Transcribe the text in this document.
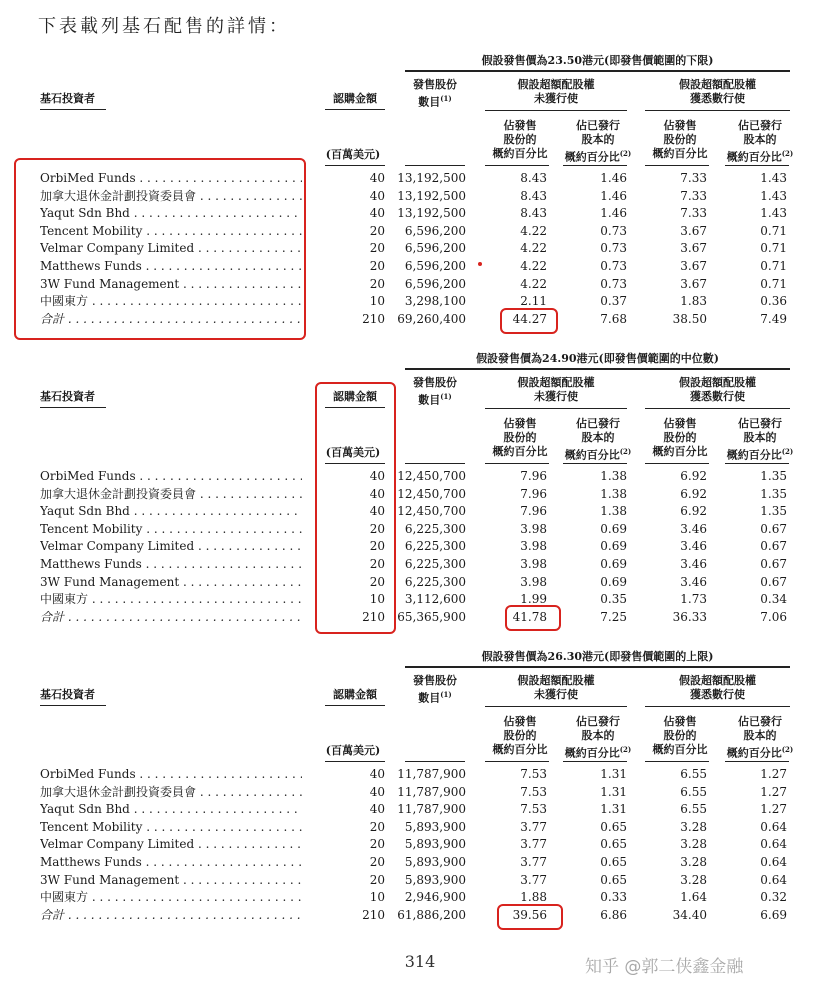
下表載列基石配售的詳情：
假設發售價為23.50港元(即發售價範圍的下限)
基石投資者	認購金額
(百萬美元)
發售股份
數目$^{(1)}$
假設超額配股權
未獲行使
假設超額配股權
獲悉數行使
佔發售
股份的
概約百分比
佔已發行
股本的
概約百分比$^{(2)}$
佔發售
股份的
概約百分比
佔已發行
股本的
概約百分比$^{(2)}$
OrbiMed Funds . . .	40 13,192,500	8.43	1.46	7.33	1.43
加拿大退休金計劃投資委員會 . . .	40 13,192,500	8.43	1.46	7.33	1.43
Yaqut Sdn Bhd . . .	40 13,192,500	8.43	1.46	7.33	1.43
Tencent Mobility . . .	20	6,596,200	4.22	0.73	3.67	0.71
Velmar Company Limited . . .	20	6,596,200	4.22	0.73	3.67	0.71
Matthews Funds . . .	20	6,596,200	4.22	0.73	3.67	0.71
3W Fund Management . . .	20	6,596,200	4.22	0.73	3.67	0.71
中國東方 . . .	10	3,298,100	2.11	0.37	1.83	0.36
合計 . . .	210 69,260,400	44.27	7.68	38.50	7.49
假設發售價為24.90港元(即發售價範圍的中位數)
基石投資者	認購金額
(百萬美元)
發售股份
數目$^{(1)}$
假設超額配股權
未獲行使
假設超額配股權
獲悉數行使
佔發售
股份的
概約百分比
佔已發行
股本的
概約百分比$^{(2)}$
佔發售
股份的
概約百分比
佔已發行
股本的
概約百分比$^{(2)}$
OrbiMed Funds . . .	40 12,450,700	7.96	1.38	6.92	1.35
加拿大退休金計劃投資委員會 . . .	40 12,450,700	7.96	1.38	6.92	1.35
Yaqut Sdn Bhd . . .	40 12,450,700	7.96	1.38	6.92	1.35
Tencent Mobility . . .	20	6,225,300	3.98	0.69	3.46	0.67
Velmar Company Limited . . .	20	6,225,300	3.98	0.69	3.46	0.67
Matthews Funds . . .	20	6,225,300	3.98	0.69	3.46	0.67
3W Fund Management . . .	20	6,225,300	3.98	0.69	3.46	0.67
中國東方 . . .	10	3,112,600	1.99	0.35	1.73	0.34
合計 . . .	210 65,365,900	41.78	7.25	36.33	7.06
假設發售價為26.30港元(即發售價範圍的上限)
基石投資者	認購金額
(百萬美元)
發售股份
數目$^{(1)}$
假設超額配股權
未獲行使
假設超額配股權
獲悉數行使
佔發售
股份的
概約百分比
佔已發行
股本的
概約百分比$^{(2)}$
佔發售
股份的
概約百分比
佔已發行
股本的
概約百分比$^{(2)}$
OrbiMed Funds . . .	40 11,787,900	7.53	1.31	6.55	1.27
加拿大退休金計劃投資委員會 . . .	40 11,787,900	7.53	1.31	6.55	1.27
Yaqut Sdn Bhd . . .	40 11,787,900	7.53	1.31	6.55	1.27
Tencent Mobility . . .	20	5,893,900	3.77	0.65	3.28	0.64
Velmar Company Limited . . .	20	5,893,900	3.77	0.65	3.28	0.64
Matthews Funds . . .	20	5,893,900	3.77	0.65	3.28	0.64
3W Fund Management . . .	20	5,893,900	3.77	0.65	3.28	0.64
中國東方 . . .	10	2,946,900	1.88	0.33	1.64	0.32
合計 . . .	210 61,886,200	39.56	6.86	34.40	6.69
314	知乎 @郭二侠鑫金融
